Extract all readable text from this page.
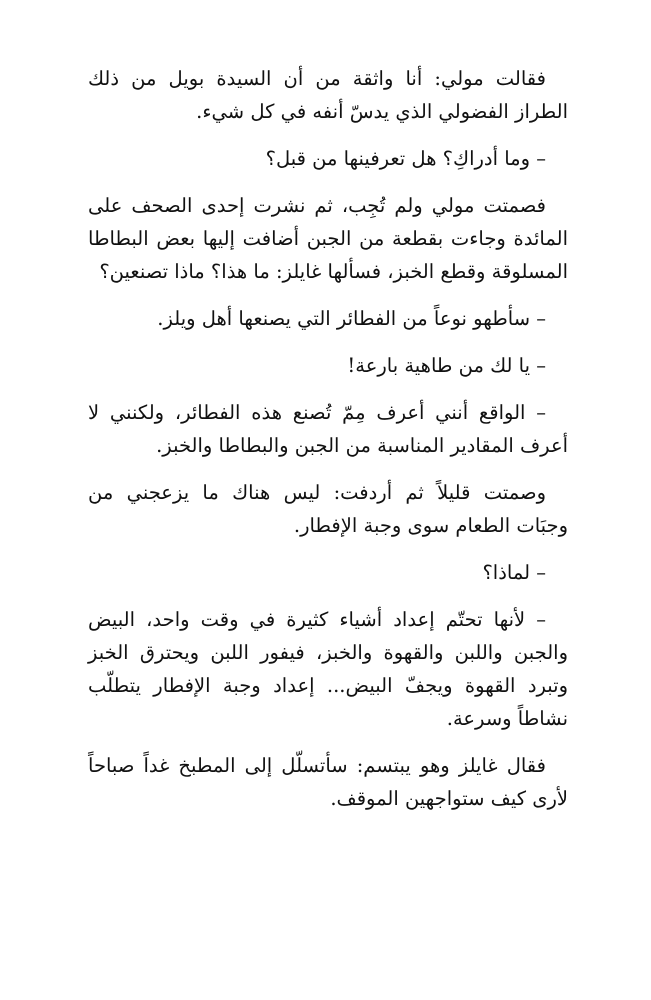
فقالت مولي: أنا واثقة من أن السيدة بويل من ذلك الطراز الفضولي الذي يدسّ أنفه في كل شيء.

– وما أدراكِ؟ هل تعرفينها من قبل؟

فصمتت مولي ولم تُجِب، ثم نشرت إحدى الصحف على المائدة وجاءت بقطعة من الجبن أضافت إليها بعض البطاطا المسلوقة وقطع الخبز، فسألها غايلز: ما هذا؟ ماذا تصنعين؟

– سأطهو نوعاً من الفطائر التي يصنعها أهل ويلز.

– يا لك من طاهية بارعة!

– الواقع أنني أعرف مِمّ تُصنع هذه الفطائر، ولكنني لا أعرف المقادير المناسبة من الجبن والبطاطا والخبز.

وصمتت قليلاً ثم أردفت: ليس هناك ما يزعجني من وجبَات الطعام سوى وجبة الإفطار.

– لماذا؟

– لأنها تحتّم إعداد أشياء كثيرة في وقت واحد، البيض والجبن واللبن والقهوة والخبز، فيفور اللبن ويحترق الخبز وتبرد القهوة ويجفّ البيض... إعداد وجبة الإفطار يتطلّب نشاطاً وسرعة.

فقال غايلز وهو يبتسم: سأتسلّل إلى المطبخ غداً صباحاً لأرى كيف ستواجهين الموقف.
